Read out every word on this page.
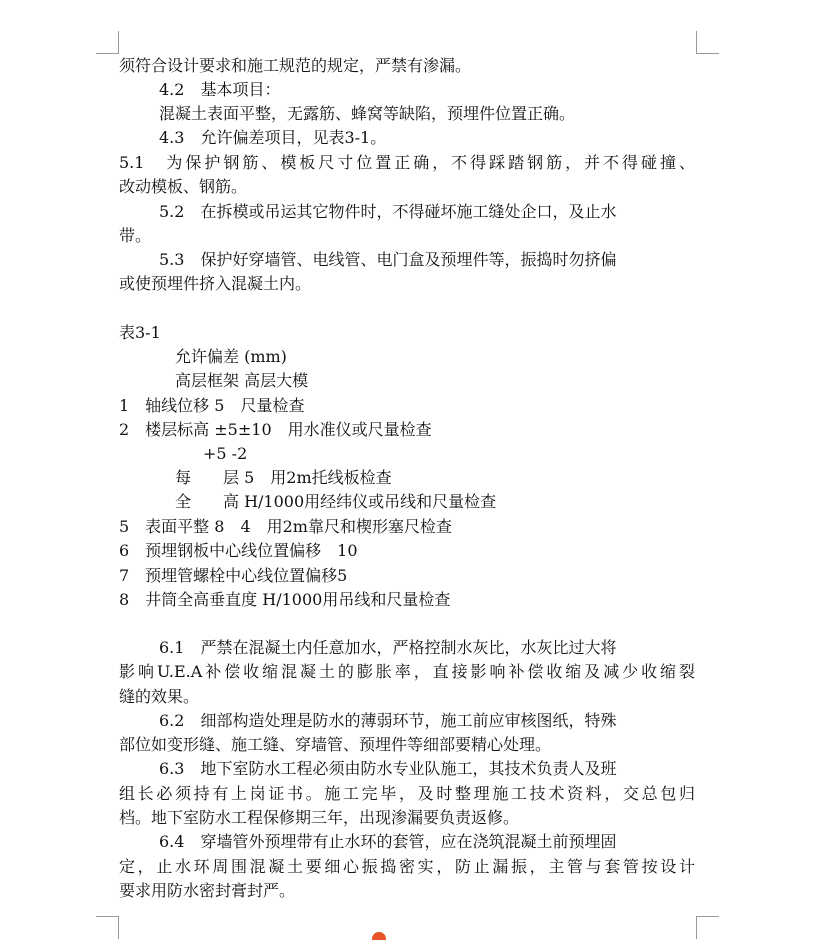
须符合设计要求和施工规范的规定，严禁有渗漏。
4.2　基本项目：
混凝土表面平整，无露筋、蜂窝等缺陷，预埋件位置正确。
4.3　允许偏差项目，见表3-1。
5.1　为保护钢筋、模板尺寸位置正确，不得踩踏钢筋，并不得碰撞、
改动模板、钢筋。
5.2　在拆模或吊运其它物件时，不得碰坏施工缝处企口，及止水
带。
5.3　保护好穿墙管、电线管、电门盒及预埋件等，振捣时勿挤偏
或使预埋件挤入混凝土内。
表3-1
允许偏差 (mm)
高层框架 高层大模
1　轴线位移 5　尺量检查
2　楼层标高 ±5±10　用水准仪或尺量检查
+5 -2
每　　层 5　用2m托线板检查
全　　高 H/1000用经纬仪或吊线和尺量检查
5　表面平整 8　4　用2m靠尺和楔形塞尺检查
6　预埋钢板中心线位置偏移　10
7　预埋管螺栓中心线位置偏移5
8　井筒全高垂直度 H/1000用吊线和尺量检查
6.1　严禁在混凝土内任意加水，严格控制水灰比，水灰比过大将
影响U.E.A补偿收缩混凝土的膨胀率，直接影响补偿收缩及减少收缩裂
缝的效果。
6.2　细部构造处理是防水的薄弱环节，施工前应审核图纸，特殊
部位如变形缝、施工缝、穿墙管、预埋件等细部要精心处理。
6.3　地下室防水工程必须由防水专业队施工，其技术负责人及班
组长必须持有上岗证书。施工完毕，及时整理施工技术资料，交总包归
档。地下室防水工程保修期三年，出现渗漏要负责返修。
6.4　穿墙管外预埋带有止水环的套管，应在浇筑混凝土前预埋固
定，止水环周围混凝土要细心振捣密实，防止漏振，主管与套管按设计
要求用防水密封膏封严。
